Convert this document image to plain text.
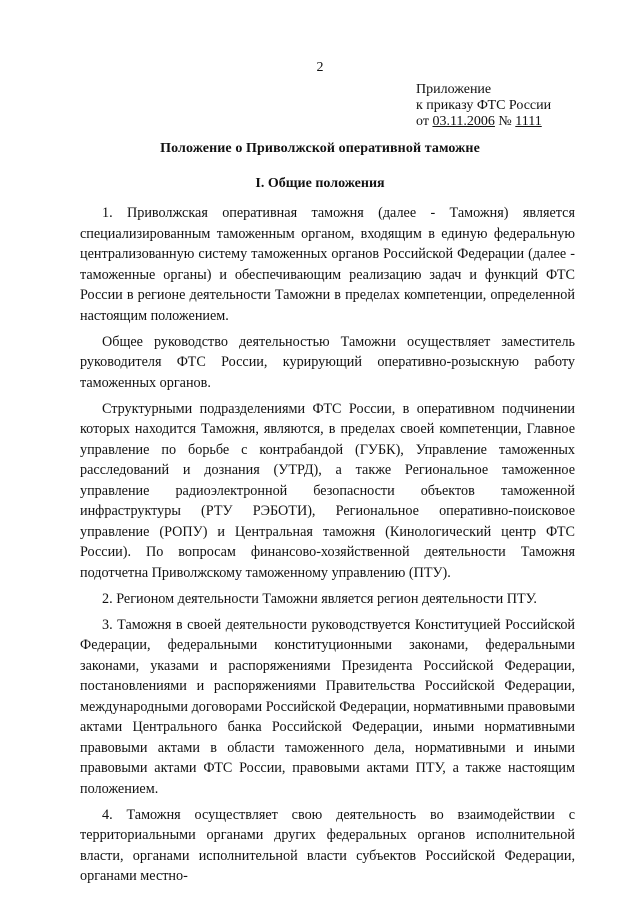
2
Приложение
к приказу ФТС России
от 03.11.2006 № 1111
Положение о Приволжской оперативной таможне
I. Общие положения

1. Приволжская оперативная таможня (далее - Таможня) является специализированным таможенным органом, входящим в единую федеральную централизованную систему таможенных органов Российской Федерации (далее - таможенные органы) и обеспечивающим реализацию задач и функций ФТС России в регионе деятельности Таможни в пределах компетенции, определенной настоящим положением.

Общее руководство деятельностью Таможни осуществляет заместитель руководителя ФТС России, курирующий оперативно-розыскную работу таможенных органов.

Структурными подразделениями ФТС России, в оперативном подчинении которых находится Таможня, являются, в пределах своей компетенции, Главное управление по борьбе с контрабандой (ГУБК), Управление таможенных расследований и дознания (УТРД), а также Региональное таможенное управление радиоэлектронной безопасности объектов таможенной инфраструктуры (РТУ РЭБОТИ), Региональное оперативно-поисковое управление (РОПУ) и Центральная таможня (Кинологический центр ФТС России). По вопросам финансово-хозяйственной деятельности Таможня подотчетна Приволжскому таможенному управлению (ПТУ).

2. Регионом деятельности Таможни является регион деятельности ПТУ.

3. Таможня в своей деятельности руководствуется Конституцией Российской Федерации, федеральными конституционными законами, федеральными законами, указами и распоряжениями Президента Российской Федерации, постановлениями и распоряжениями Правительства Российской Федерации, международными договорами Российской Федерации, нормативными правовыми актами Центрального банка Российской Федерации, иными нормативными правовыми актами в области таможенного дела, нормативными и иными правовыми актами ФТС России, правовыми актами ПТУ, а также настоящим положением.

4. Таможня осуществляет свою деятельность во взаимодействии с территориальными органами других федеральных органов исполнительной власти, органами исполнительной власти субъектов Российской Федерации, органами местно-
